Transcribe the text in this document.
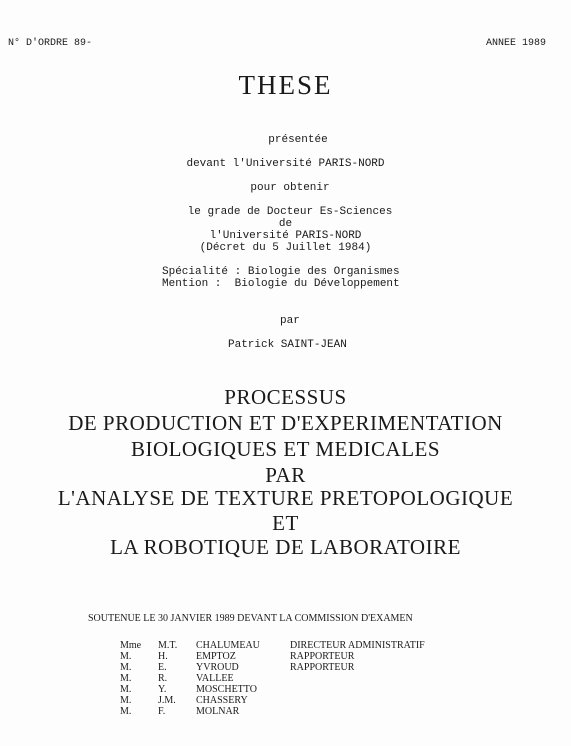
N° D'ORDRE 89-	ANNEE 1989
THESE
présentée
devant l'Université PARIS-NORD
pour obtenir
le grade de Docteur Es-Sciences
de
l'Université PARIS-NORD
(Décret du 5 Juillet 1984)
Spécialité : Biologie des Organismes
Mention :  Biologie du Développement
par
Patrick SAINT-JEAN
PROCESSUS
DE PRODUCTION ET D'EXPERIMENTATION
BIOLOGIQUES ET MEDICALES
PAR
L'ANALYSE DE TEXTURE PRETOPOLOGIQUE
ET
LA ROBOTIQUE DE LABORATOIRE
SOUTENUE LE 30 JANVIER 1989 DEVANT LA COMMISSION D'EXAMEN
Mme M.T. CHALUMEAU	DIRECTEUR ADMINISTRATIF
M.	H.	EMPTOZ	RAPPORTEUR
M.	E.	YVROUD	RAPPORTEUR
M.	R.	VALLEE
M.	Y.	MOSCHETTO
M.	J.M. CHASSERY
M.	F.	MOLNAR
